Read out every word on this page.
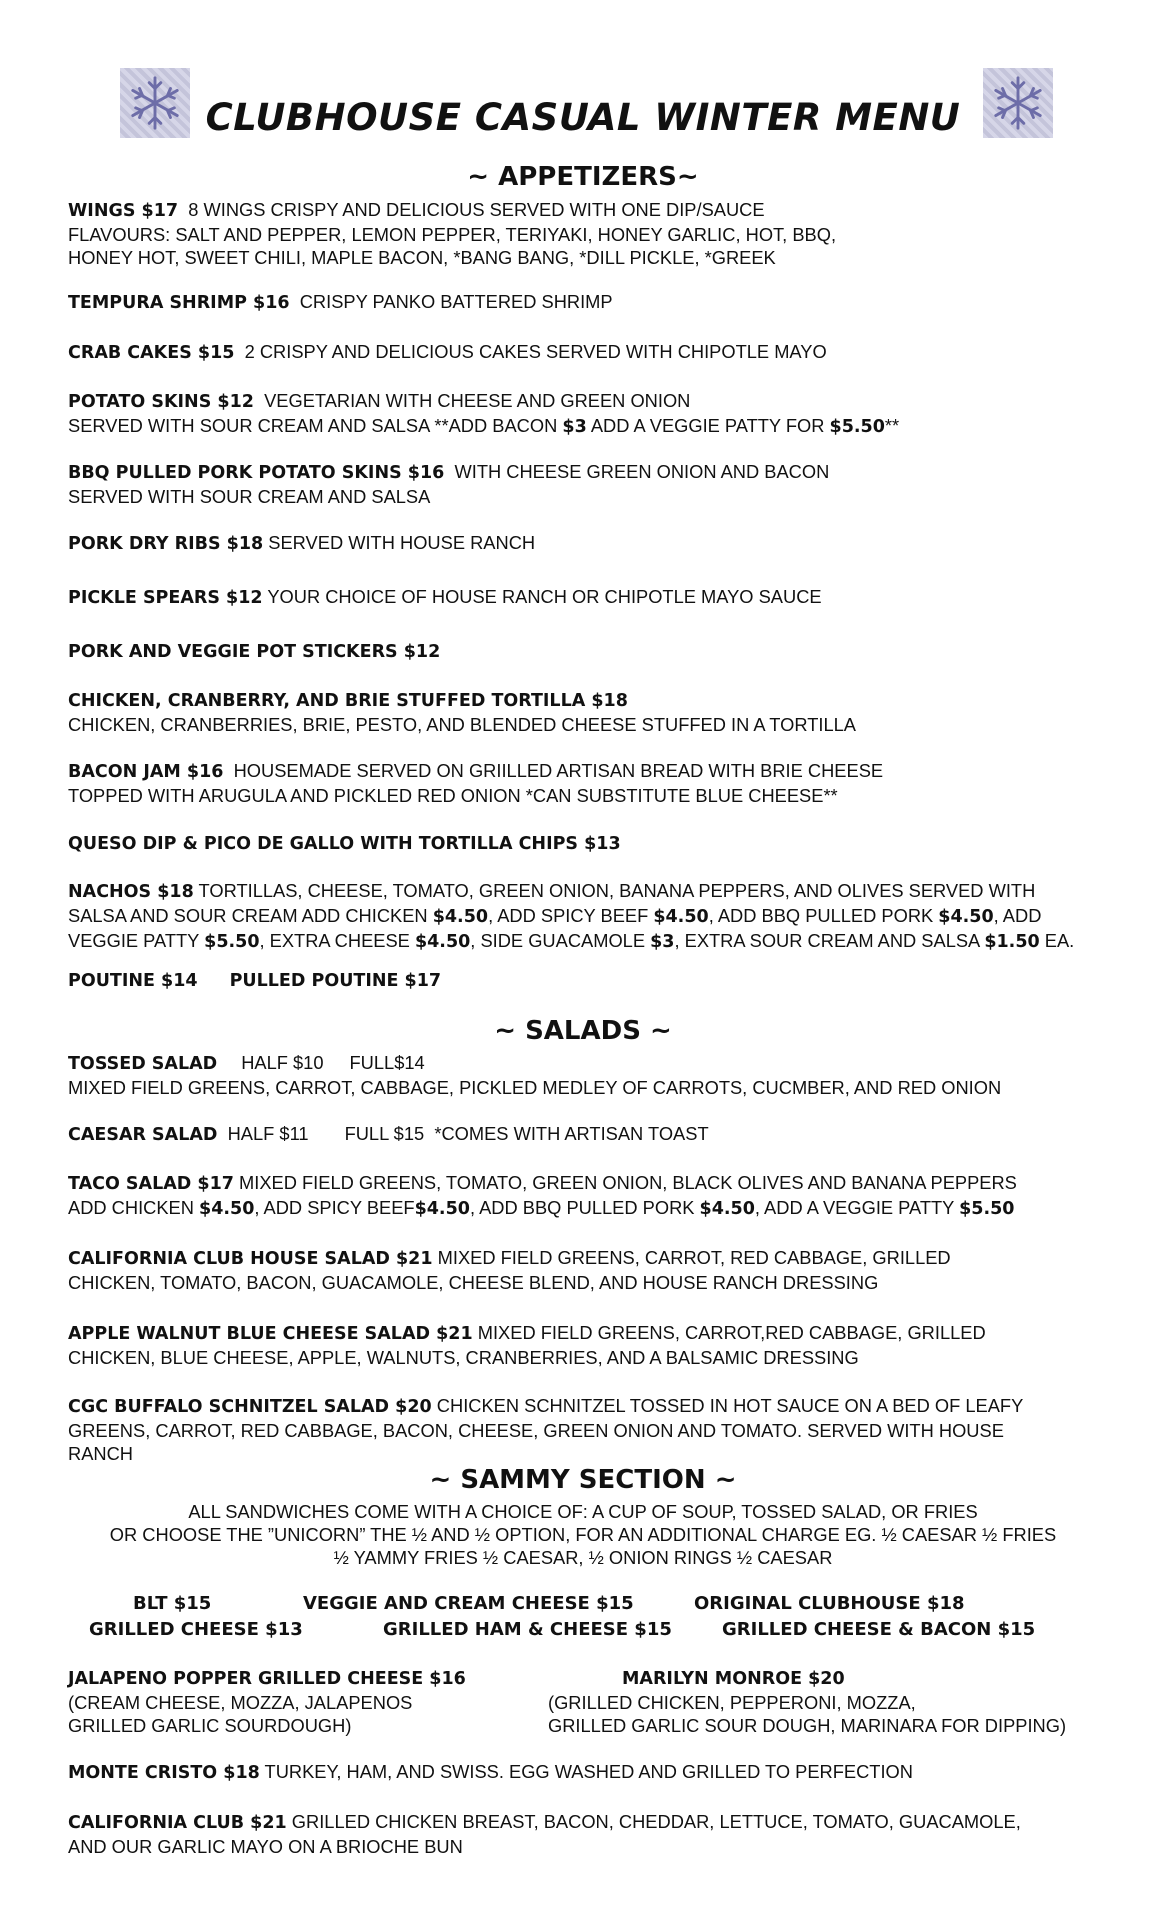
CLUBHOUSE CASUAL WINTER MENU
~ APPETIZERS~
WINGS $17 8 WINGS CRISPY AND DELICIOUS SERVED WITH ONE DIP/SAUCE
FLAVOURS: SALT AND PEPPER, LEMON PEPPER, TERIYAKI, HONEY GARLIC, HOT, BBQ,
HONEY HOT, SWEET CHILI, MAPLE BACON, *BANG BANG, *DILL PICKLE, *GREEK
TEMPURA SHRIMP $16 CRISPY PANKO BATTERED SHRIMP
CRAB CAKES $15 2 CRISPY AND DELICIOUS CAKES SERVED WITH CHIPOTLE MAYO
POTATO SKINS $12 VEGETARIAN WITH CHEESE AND GREEN ONION
SERVED WITH SOUR CREAM AND SALSA **ADD BACON $3 ADD A VEGGIE PATTY FOR $5.50**
BBQ PULLED PORK POTATO SKINS $16 WITH CHEESE GREEN ONION AND BACON
SERVED WITH SOUR CREAM AND SALSA
PORK DRY RIBS $18 SERVED WITH HOUSE RANCH
PICKLE SPEARS $12 YOUR CHOICE OF HOUSE RANCH OR CHIPOTLE MAYO SAUCE
PORK AND VEGGIE POT STICKERS $12
CHICKEN, CRANBERRY, AND BRIE STUFFED TORTILLA $18
CHICKEN, CRANBERRIES, BRIE, PESTO, AND BLENDED CHEESE STUFFED IN A TORTILLA
BACON JAM $16 HOUSEMADE SERVED ON GRIILLED ARTISAN BREAD WITH BRIE CHEESE
TOPPED WITH ARUGULA AND PICKLED RED ONION *CAN SUBSTITUTE BLUE CHEESE**
QUESO DIP & PICO DE GALLO WITH TORTILLA CHIPS $13
NACHOS $18 TORTILLAS, CHEESE, TOMATO, GREEN ONION, BANANA PEPPERS, AND OLIVES SERVED WITH
SALSA AND SOUR CREAM ADD CHICKEN $4.50, ADD SPICY BEEF $4.50, ADD BBQ PULLED PORK $4.50, ADD
VEGGIE PATTY $5.50, EXTRA CHEESE $4.50, SIDE GUACAMOLE $3, EXTRA SOUR CREAM AND SALSA $1.50 EA.
POUTINE $14 PULLED POUTINE $17
~ SALADS ~
TOSSED SALAD HALF $10 FULL$14
MIXED FIELD GREENS, CARROT, CABBAGE, PICKLED MEDLEY OF CARROTS, CUCMBER, AND RED ONION
CAESAR SALAD HALF $11 FULL $15 *COMES WITH ARTISAN TOAST
TACO SALAD $17 MIXED FIELD GREENS, TOMATO, GREEN ONION, BLACK OLIVES AND BANANA PEPPERS
ADD CHICKEN $4.50, ADD SPICY BEEF$4.50, ADD BBQ PULLED PORK $4.50, ADD A VEGGIE PATTY $5.50
CALIFORNIA CLUB HOUSE SALAD $21 MIXED FIELD GREENS, CARROT, RED CABBAGE, GRILLED
CHICKEN, TOMATO, BACON, GUACAMOLE, CHEESE BLEND, AND HOUSE RANCH DRESSING
APPLE WALNUT BLUE CHEESE SALAD $21 MIXED FIELD GREENS, CARROT,RED CABBAGE, GRILLED
CHICKEN, BLUE CHEESE, APPLE, WALNUTS, CRANBERRIES, AND A BALSAMIC DRESSING
CGC BUFFALO SCHNITZEL SALAD $20 CHICKEN SCHNITZEL TOSSED IN HOT SAUCE ON A BED OF LEAFY
GREENS, CARROT, RED CABBAGE, BACON, CHEESE, GREEN ONION AND TOMATO. SERVED WITH HOUSE
RANCH
~ SAMMY SECTION ~
ALL SANDWICHES COME WITH A CHOICE OF: A CUP OF SOUP, TOSSED SALAD, OR FRIES
OR CHOOSE THE ”UNICORN” THE ½ AND ½ OPTION, FOR AN ADDITIONAL CHARGE EG. ½ CAESAR ½ FRIES
½ YAMMY FRIES ½ CAESAR, ½ ONION RINGS ½ CAESAR
BLT $15	VEGGIE AND CREAM CHEESE $15	ORIGINAL CLUBHOUSE $18
GRILLED CHEESE $13	GRILLED HAM & CHEESE $15	GRILLED CHEESE & BACON $15
JALAPENO POPPER GRILLED CHEESE $16
(CREAM CHEESE, MOZZA, JALAPENOS
GRILLED GARLIC SOURDOUGH)
MARILYN MONROE $20
(GRILLED CHICKEN, PEPPERONI, MOZZA,
GRILLED GARLIC SOUR DOUGH, MARINARA FOR DIPPING)
MONTE CRISTO $18 TURKEY, HAM, AND SWISS. EGG WASHED AND GRILLED TO PERFECTION
CALIFORNIA CLUB $21 GRILLED CHICKEN BREAST, BACON, CHEDDAR, LETTUCE, TOMATO, GUACAMOLE,
AND OUR GARLIC MAYO ON A BRIOCHE BUN
